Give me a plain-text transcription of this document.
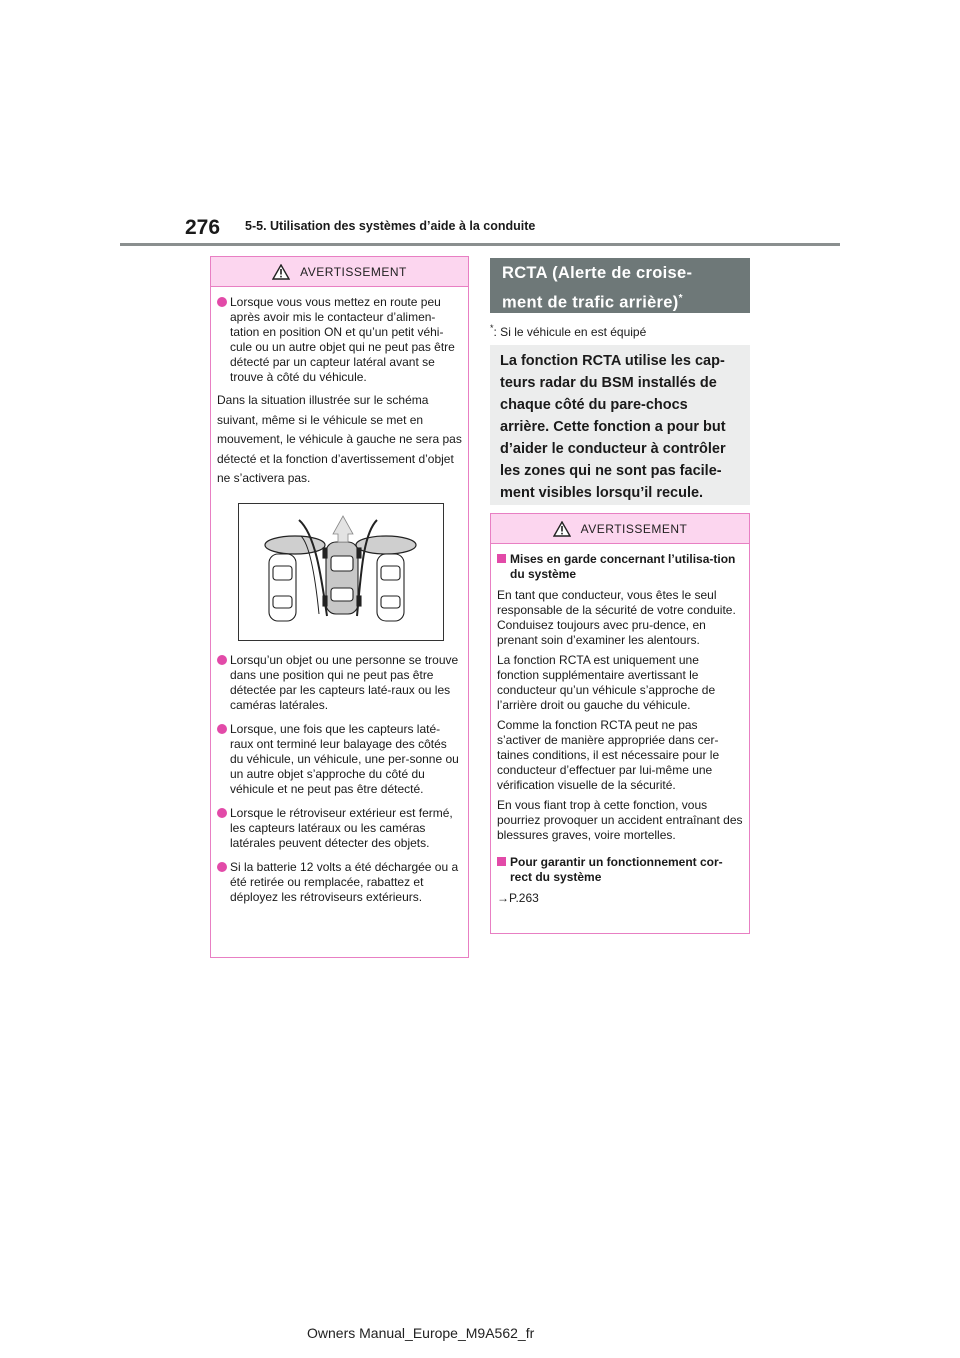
276 5-5. Utilisation des systèmes d’aide à la conduite
AVERTISSEMENT
Lorsque vous vous mettez en route peu après avoir mis le contacteur d’alimen-tation en position ON et qu’un petit véhi-cule ou un autre objet qui ne peut pas être détecté par un capteur latéral avant se trouve à côté du véhicule.
Dans la situation illustrée sur le schéma suivant, même si le véhicule se met en mouvement, le véhicule à gauche ne sera pas détecté et la fonction d’avertissement d’objet ne s’activera pas.
Lorsqu’un objet ou une personne se trouve dans une position qui ne peut pas être détectée par les capteurs laté-raux ou les caméras latérales.
Lorsque, une fois que les capteurs laté-raux ont terminé leur balayage des côtés du véhicule, un véhicule, une per-sonne ou un autre objet s’approche du côté du véhicule et ne peut pas être détecté.
Lorsque le rétroviseur extérieur est fermé, les capteurs latéraux ou les caméras latérales peuvent détecter des objets.
Si la batterie 12 volts a été déchargée ou a été retirée ou remplacée, rabattez et déployez les rétroviseurs extérieurs.
RCTA (Alerte de croise-
ment de trafic arrière)*
*: Si le véhicule en est équipé
La fonction RCTA utilise les cap-teurs radar du BSM installés de chaque côté du pare-chocs arrière. Cette fonction a pour but d’aider le conducteur à contrôler les zones qui ne sont pas facile-ment visibles lorsqu’il recule.
AVERTISSEMENT
Mises en garde concernant l’utilisa-tion du système
En tant que conducteur, vous êtes le seul responsable de la sécurité de votre conduite. Conduisez toujours avec pru-dence, en prenant soin d’examiner les alentours.
La fonction RCTA est uniquement une fonction supplémentaire avertissant le conducteur qu’un véhicule s’approche de l’arrière droit ou gauche du véhicule.
Comme la fonction RCTA peut ne pas s’activer de manière appropriée dans cer-taines conditions, il est nécessaire pour le conducteur d’effectuer par lui-même une vérification visuelle de la sécurité.
En vous fiant trop à cette fonction, vous pourriez provoquer un accident entraînant des blessures graves, voire mortelles.
Pour garantir un fonctionnement cor-rect du système
→P.263
Owners Manual_Europe_M9A562_fr
